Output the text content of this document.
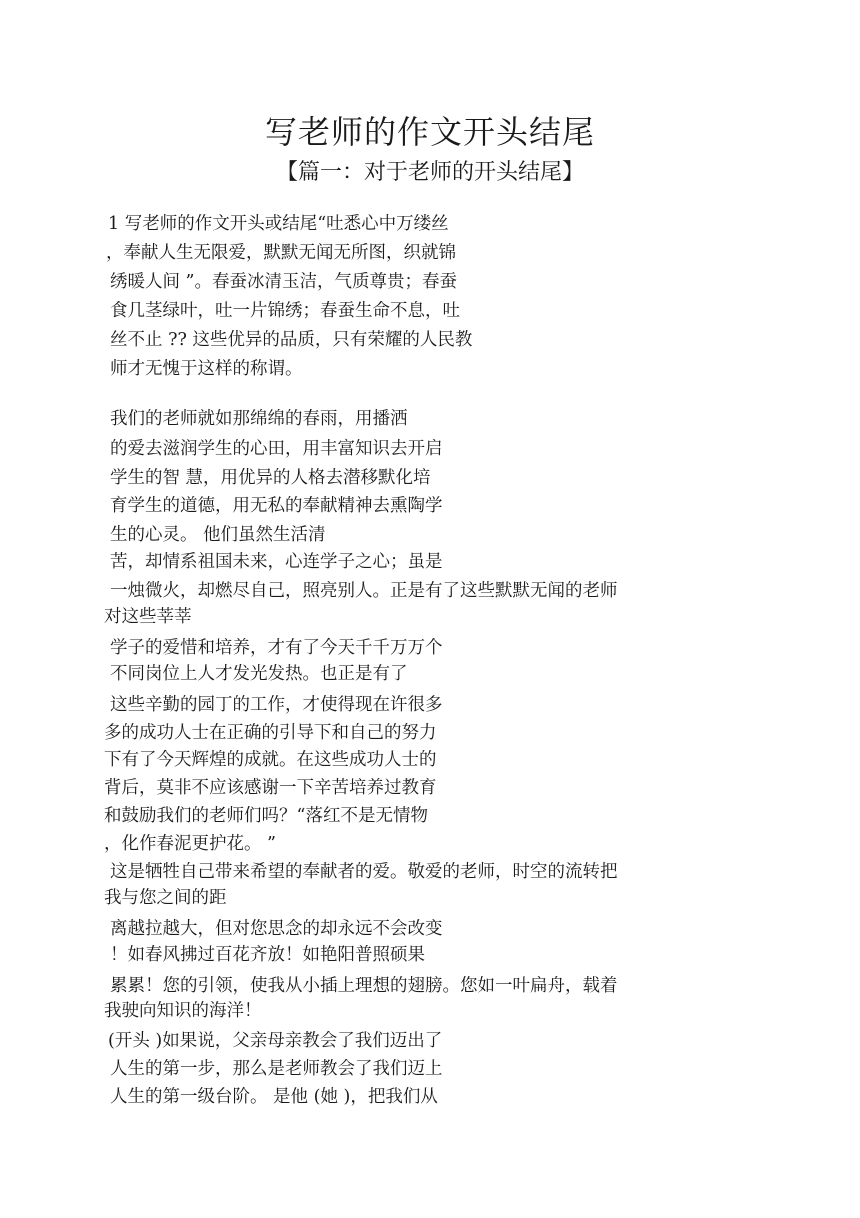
写老师的作文开头结尾
【篇一：对于老师的开头结尾】
1 写老师的作文开头或结尾“吐悉心中万缕丝
，奉献人生无限爱，默默无闻无所图，织就锦
绣暖人间 ”。春蚕冰清玉洁，气质尊贵；春蚕
食几茎绿叶，吐一片锦绣；春蚕生命不息，吐
丝不止 ?? 这些优异的品质，只有荣耀的人民教
师才无愧于这样的称谓。
我们的老师就如那绵绵的春雨，用播洒
的爱去滋润学生的心田，用丰富知识去开启
学生的智 慧，用优异的人格去潜移默化培
育学生的道德，用无私的奉献精神去熏陶学
生的心灵。 他们虽然生活清
苦，却情系祖国未来，心连学子之心；虽是
一烛微火，却燃尽自己，照亮别人。正是有了这些默默无闻的老师
对这些莘莘
学子的爱惜和培养，才有了今天千千万万个
不同岗位上人才发光发热。也正是有了
这些辛勤的园丁的工作，才使得现在许很多
多的成功人士在正确的引导下和自己的努力
下有了今天辉煌的成就。在这些成功人士的
背后，莫非不应该感谢一下辛苦培养过教育
和鼓励我们的老师们吗？“落红不是无情物
，化作春泥更护花。 ”
这是牺牲自己带来希望的奉献者的爱。敬爱的老师，时空的流转把
我与您之间的距
离越拉越大，但对您思念的却永远不会改变
！如春风拂过百花齐放！如艳阳普照硕果
累累！您的引领，使我从小插上理想的翅膀。您如一叶扁舟，载着
我驶向知识的海洋！
(开头 )如果说，父亲母亲教会了我们迈出了
人生的第一步，那么是老师教会了我们迈上
人生的第一级台阶。 是他 (她 )，把我们从
